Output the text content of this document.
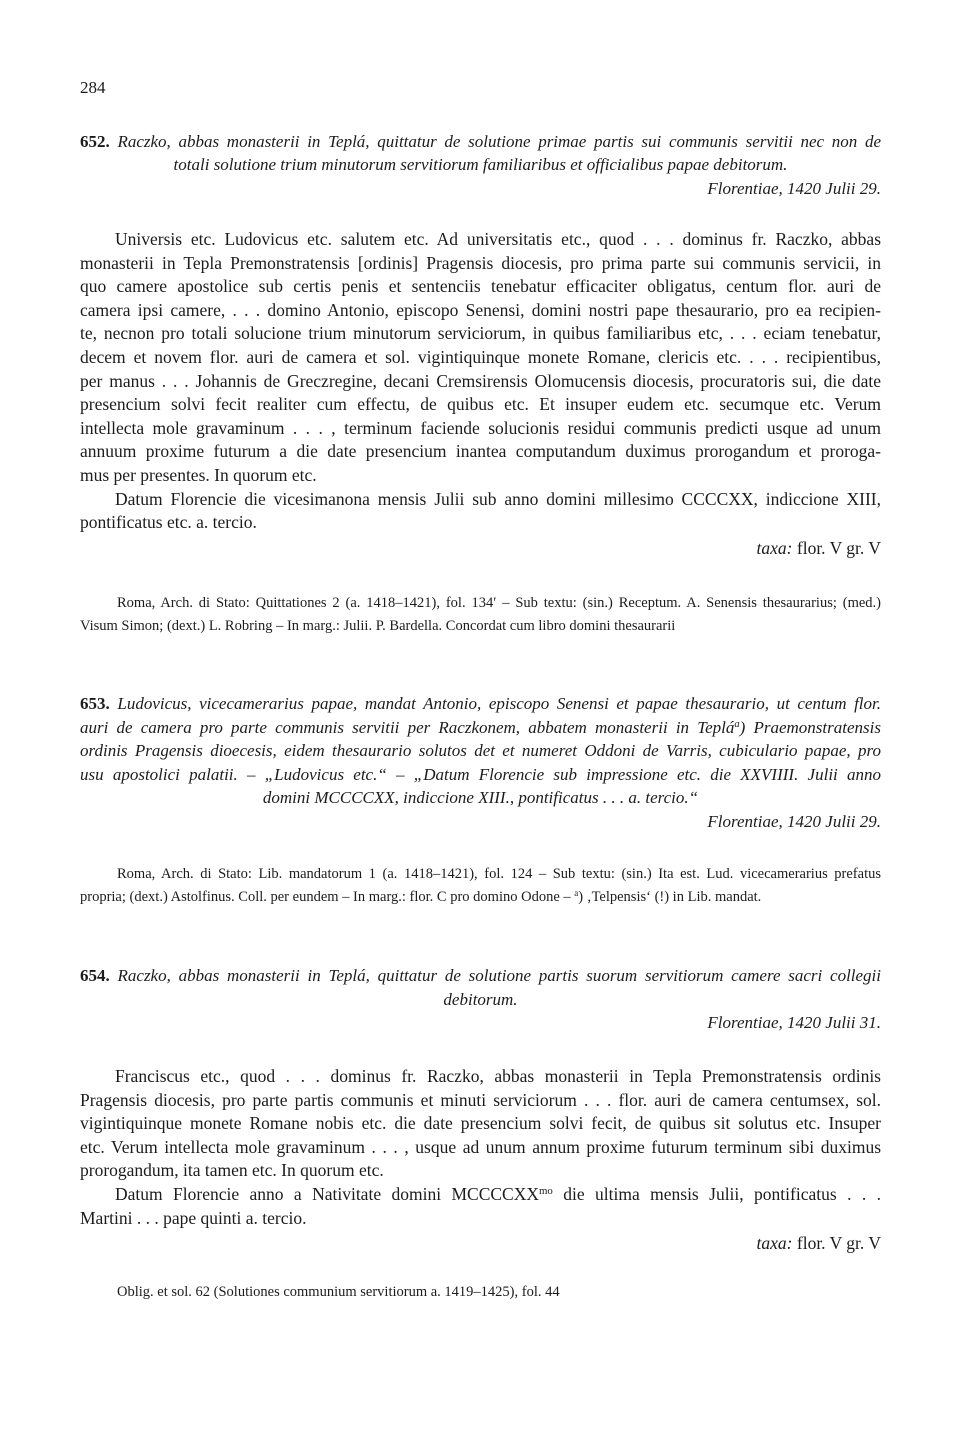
284
652. Raczko, abbas monasterii in Teplá, quittatur de solutione primae partis sui communis servitii nec non de
totali solutione trium minutorum servitiorum familiaribus et officialibus papae debitorum.
Florentiae, 1420 Julii 29.
Universis etc. Ludovicus etc. salutem etc. Ad universitatis etc., quod . . . dominus fr. Raczko, abbas
monasterii in Tepla Premonstratensis [ordinis] Pragensis diocesis, pro prima parte sui communis servicii, in
quo camere apostolice sub certis penis et sentenciis tenebatur efficaciter obligatus, centum flor. auri de
camera ipsi camere, . . . domino Antonio, episcopo Senensi, domini nostri pape thesaurario, pro ea recipien-
te, necnon pro totali solucione trium minutorum serviciorum, in quibus familiaribus etc, . . . eciam tenebatur,
decem et novem flor. auri de camera et sol. vigintiquinque monete Romane, clericis etc. . . . recipientibus,
per manus . . . Johannis de Greczregine, decani Cremsirensis Olomucensis diocesis, procuratoris sui, die date
presencium solvi fecit realiter cum effectu, de quibus etc. Et insuper eudem etc. secumque etc. Verum
intellecta mole gravaminum . . . , terminum faciende solucionis residui communis predicti usque ad unum
annuum proxime futurum a die date presencium inantea computandum duximus prorogandum et proroga-
mus per presentes. In quorum etc.
Datum Florencie die vicesimanona mensis Julii sub anno domini millesimo CCCCXX, indiccione XIII,
pontificatus etc. a. tercio.
taxa: flor. V gr. V
Roma, Arch. di Stato: Quittationes 2 (a. 1418–1421), fol. 134′ – Sub textu: (sin.) Receptum. A. Senensis thesaurarius; (med.)
Visum Simon; (dext.) L. Robring – In marg.: Julii. P. Bardella. Concordat cum libro domini thesaurarii
653. Ludovicus, vicecamerarius papae, mandat Antonio, episcopo Senensi et papae thesaurario, ut centum flor.
auri de camera pro parte communis servitii per Raczkonem, abbatem monasterii in Teplá$^a$) Praemonstratensis
ordinis Pragensis dioecesis, eidem thesaurario solutos det et numeret Oddoni de Varris, cubiculario papae, pro
usu apostolici palatii. – „Ludovicus etc.“ – „Datum Florencie sub impressione etc. die XXVIIII. Julii anno
domini MCCCCXX, indiccione XIII., pontificatus . . . a. tercio.“
Florentiae, 1420 Julii 29.
Roma, Arch. di Stato: Lib. mandatorum 1 (a. 1418–1421), fol. 124 – Sub textu: (sin.) Ita est. Lud. vicecamerarius prefatus
propria; (dext.) Astolfinus. Coll. per eundem – In marg.: flor. C pro domino Odone – $^a$) ‚Telpensis‘ (!) in Lib. mandat.
654. Raczko, abbas monasterii in Teplá, quittatur de solutione partis suorum servitiorum camere sacri collegii
debitorum.
Florentiae, 1420 Julii 31.
Franciscus etc., quod . . . dominus fr. Raczko, abbas monasterii in Tepla Premonstratensis ordinis
Pragensis diocesis, pro parte partis communis et minuti serviciorum . . . flor. auri de camera centumsex, sol.
vigintiquinque monete Romane nobis etc. die date presencium solvi fecit, de quibus sit solutus etc. Insuper
etc. Verum intellecta mole gravaminum . . . , usque ad unum annum proxime futurum terminum sibi duximus
prorogandum, ita tamen etc. In quorum etc.
Datum Florencie anno a Nativitate domini $MCCCCXX^{mo}$ die ultima mensis Julii, pontificatus . . .
Martini . . . pape quinti a. tercio.
taxa: flor. V gr. V
Oblig. et sol. 62 (Solutiones communium servitiorum a. 1419–1425), fol. 44
